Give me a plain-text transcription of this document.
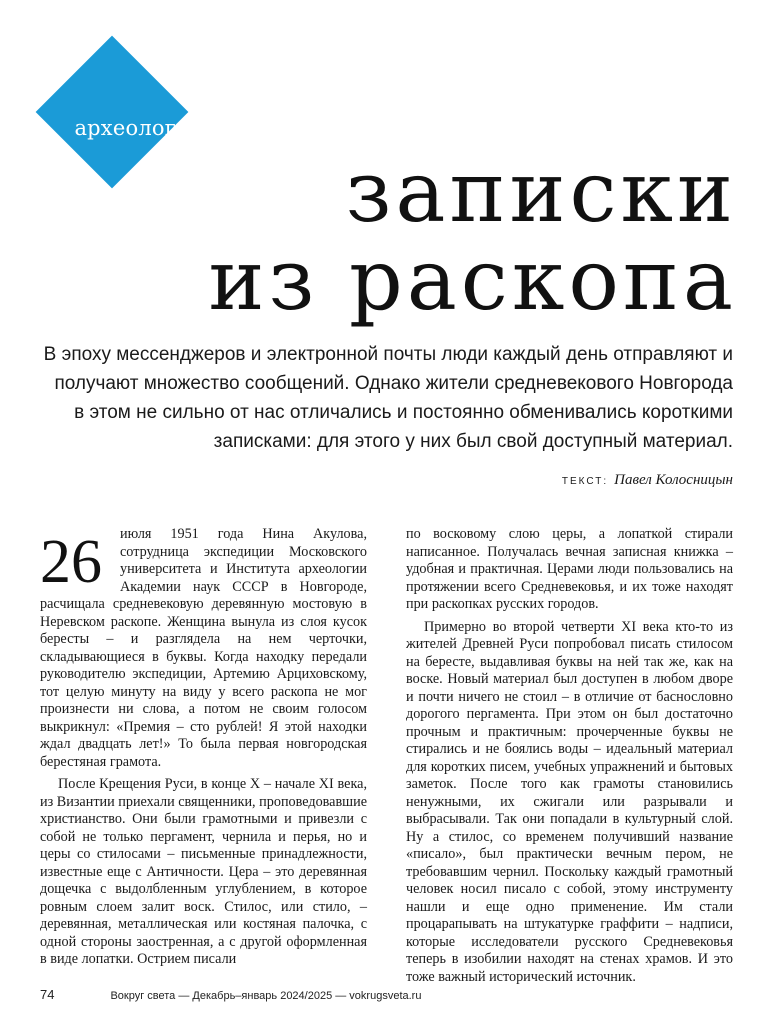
археология
записки
из раскопа
В эпоху мессенджеров и электронной почты люди каждый день отправляют и получают множество сообщений. Однако жители средневекового Новгорода в этом не сильно от нас отличались и постоянно обменивались короткими записками: для этого у них был свой доступный материал.
ТЕКСТ: Павел Колосницын

26 июля 1951 года Нина Акулова, сотрудница экспедиции Московского университета и Института археологии Академии наук СССР в Новгороде, расчищала средневековую деревянную мостовую в Неревском раскопе. Женщина вынула из слоя кусок бересты – и разглядела на нем черточки, складывающиеся в буквы. Когда находку передали руководителю экспедиции, Артемию Арциховскому, тот целую минуту на виду у всего раскопа не мог произнести ни слова, а потом не своим голосом выкрикнул: «Премия – сто рублей! Я этой находки ждал двадцать лет!» То была первая новгородская берестяная грамота.

После Крещения Руси, в конце X – начале XI века, из Византии приехали священники, проповедовавшие христианство. Они были грамотными и привезли с собой не только пергамент, чернила и перья, но и церы со стилосами – письменные принадлежности, известные еще с Античности. Цера – это деревянная дощечка с выдолбленным углублением, в которое ровным слоем залит воск. Стилос, или стило, – деревянная, металлическая или костяная палочка, с одной стороны заостренная, а с другой оформленная в виде лопатки. Острием писали

по восковому слою церы, а лопаткой стирали написанное. Получалась вечная записная книжка – удобная и практичная. Церами люди пользовались на протяжении всего Средневековья, и их тоже находят при раскопках русских городов.

Примерно во второй четверти XI века кто-то из жителей Древней Руси попробовал писать стилосом на бересте, выдавливая буквы на ней так же, как на воске. Новый материал был доступен в любом дворе и почти ничего не стоил – в отличие от баснословно дорогого пергамента. При этом он был достаточно прочным и практичным: прочерченные буквы не стирались и не боялись воды – идеальный материал для коротких писем, учебных упражнений и бытовых заметок. После того как грамоты становились ненужными, их сжигали или разрывали и выбрасывали. Так они попадали в культурный слой. Ну а стилос, со временем получивший название «писало», был практически вечным пером, не требовавшим чернил. Поскольку каждый грамотный человек носил писало с собой, этому инструменту нашли и еще одно применение. Им стали процарапывать на штукатурке граффити – надписи, которые исследователи русского Средневековья теперь в изобилии находят на стенах храмов. И это тоже важный исторический источник.

74	Вокруг света — Декабрь–январь 2024/2025 — vokrugsveta.ru
